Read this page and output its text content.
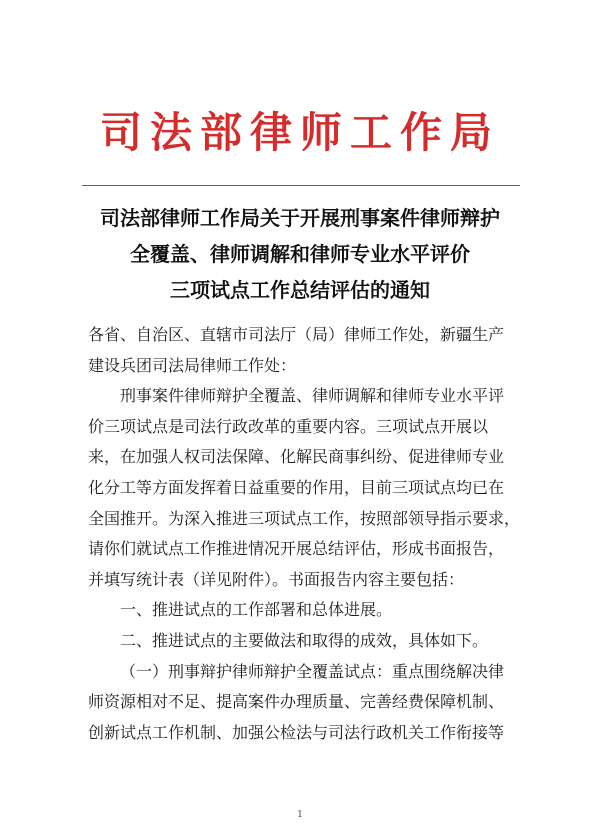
司法部律师工作局
司法部律师工作局关于开展刑事案件律师辩护
全覆盖、律师调解和律师专业水平评价
三项试点工作总结评估的通知

各省、自治区、直辖市司法厅（局）律师工作处，新疆生产

建设兵团司法局律师工作处：

刑事案件律师辩护全覆盖、律师调解和律师专业水平评

价三项试点是司法行政改革的重要内容。三项试点开展以

来，在加强人权司法保障、化解民商事纠纷、促进律师专业

化分工等方面发挥着日益重要的作用，目前三项试点均已在

全国推开。为深入推进三项试点工作，按照部领导指示要求，

请你们就试点工作推进情况开展总结评估，形成书面报告，

并填写统计表（详见附件）。书面报告内容主要包括：

一、推进试点的工作部署和总体进展。

二、推进试点的主要做法和取得的成效，具体如下。

（一）刑事辩护律师辩护全覆盖试点：重点围绕解决律

师资源相对不足、提高案件办理质量、完善经费保障机制、

创新试点工作机制、加强公检法与司法行政机关工作衔接等

1
